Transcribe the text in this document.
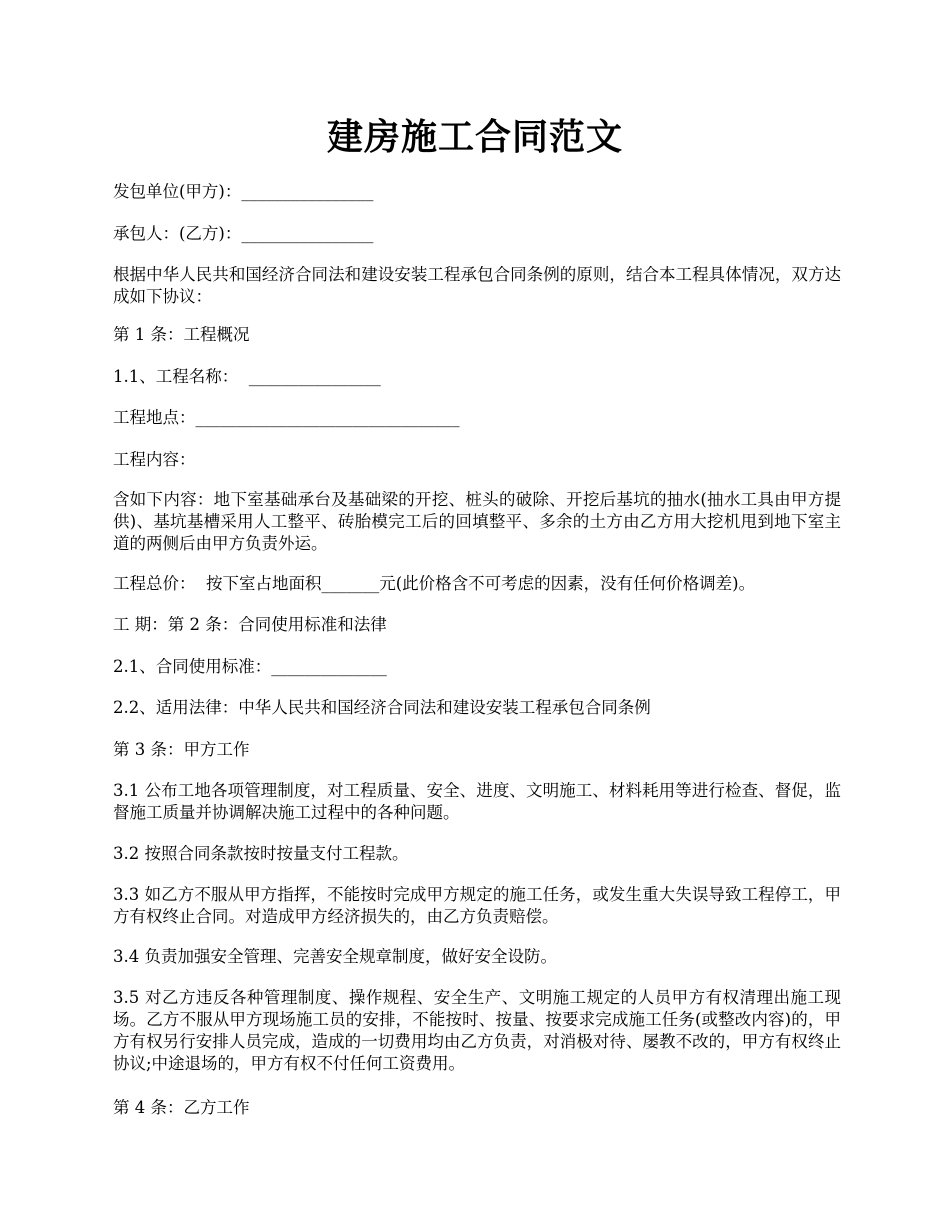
建房施工合同范文

发包单位(甲方)：________________

承包人：(乙方)：________________

根据中华人民共和国经济合同法和建设安装工程承包合同条例的原则，结合本工程具体情况，双方达成如下协议：

第 1 条：工程概况

1.1、工程名称：  ________________

工程地点：________________________________

工程内容：

含如下内容：地下室基础承台及基础梁的开挖、桩头的破除、开挖后基坑的抽水(抽水工具由甲方提供)、基坑基槽采用人工整平、砖胎模完工后的回填整平、多余的土方由乙方用大挖机甩到地下室主道的两侧后由甲方负责外运。

工程总价：  按下室占地面积_______元(此价格含不可考虑的因素，没有任何价格调差)。

工 期：第 2 条：合同使用标准和法律

2.1、合同使用标准：______________

2.2、适用法律：中华人民共和国经济合同法和建设安装工程承包合同条例

第 3 条：甲方工作

3.1 公布工地各项管理制度，对工程质量、安全、进度、文明施工、材料耗用等进行检查、督促，监督施工质量并协调解决施工过程中的各种问题。

3.2 按照合同条款按时按量支付工程款。

3.3 如乙方不服从甲方指挥，不能按时完成甲方规定的施工任务，或发生重大失误导致工程停工，甲方有权终止合同。对造成甲方经济损失的，由乙方负责赔偿。

3.4 负责加强安全管理、完善安全规章制度，做好安全设防。

3.5 对乙方违反各种管理制度、操作规程、安全生产、文明施工规定的人员甲方有权清理出施工现场。乙方不服从甲方现场施工员的安排，不能按时、按量、按要求完成施工任务(或整改内容)的，甲方有权另行安排人员完成，造成的一切费用均由乙方负责，对消极对待、屡教不改的，甲方有权终止协议;中途退场的，甲方有权不付任何工资费用。

第 4 条：乙方工作
